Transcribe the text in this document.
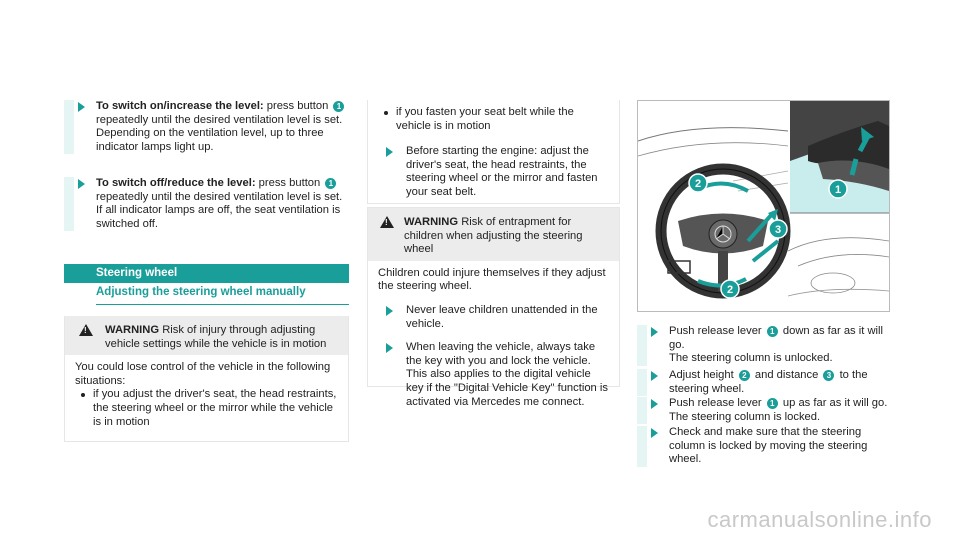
To switch on/increase the level: press button 1 repeatedly until the desired ventilation level is set.
Depending on the ventilation level, up to three indicator lamps light up.
To switch off/reduce the level: press button 1 repeatedly until the desired ventilation level is set.
If all indicator lamps are off, the seat ventilation is switched off.
Steering wheel
Adjusting the steering wheel manually
!
WARNING Risk of injury through adjusting vehicle settings while the vehicle is in motion
You could lose control of the vehicle in the following situations:
if you adjust the driver's seat, the head restraints, the steering wheel or the mirror while the vehicle is in motion
if you fasten your seat belt while the vehicle is in motion
Before starting the engine: adjust the driver's seat, the head restraints, the steering wheel or the mirror and fasten your seat belt.
!
WARNING Risk of entrapment for children when adjusting the steering wheel
Children could injure themselves if they adjust the steering wheel.
Never leave children unattended in the vehicle.
When leaving the vehicle, always take the key with you and lock the vehicle. This also applies to the digital vehicle key if the "Digital Vehicle Key" function is activated via Mercedes me connect.
1
2
3
2
Push release lever 1 down as far as it will go.
The steering column is unlocked.
Adjust height 2 and distance 3 to the steering wheel.
Push release lever 1 up as far as it will go.
The steering column is locked.
Check and make sure that the steering column is locked by moving the steering wheel.
carmanualsonline.info
